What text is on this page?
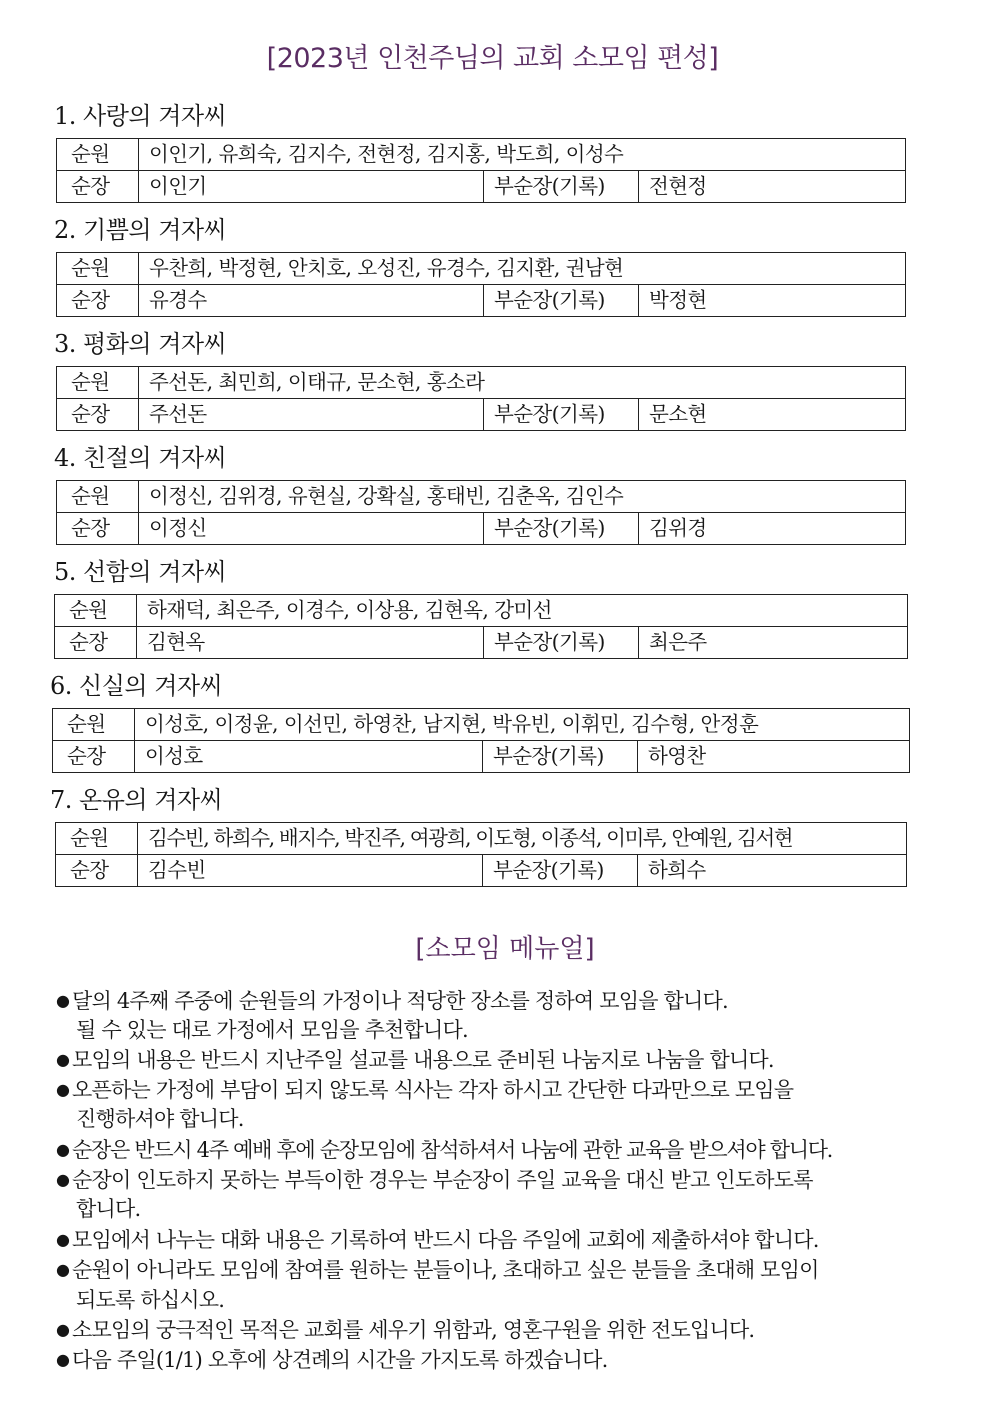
[2023년 인천주님의 교회 소모임 편성]
1. 사랑의 겨자씨
순원	이인기, 유희숙, 김지수, 전현정, 김지홍, 박도희, 이성수		
순장	이인기	부순장(기록)	전현정
2. 기쁨의 겨자씨
순원	우찬희, 박정현, 안치호, 오성진, 유경수, 김지환, 권남현		
순장	유경수	부순장(기록)	박정현
3. 평화의 겨자씨
순원	주선돈, 최민희, 이태규, 문소현, 홍소라		
순장	주선돈	부순장(기록)	문소현
4. 친절의 겨자씨
순원	이정신, 김위경, 유현실, 강확실, 홍태빈, 김춘옥, 김인수		
순장	이정신	부순장(기록)	김위경
5. 선함의 겨자씨
순원	하재덕, 최은주, 이경수, 이상용, 김현옥, 강미선		
순장	김현옥	부순장(기록)	최은주
6. 신실의 겨자씨
순원	이성호, 이정윤, 이선민, 하영찬, 남지현, 박유빈, 이휘민, 김수형, 안정훈		
순장	이성호	부순장(기록)	하영찬
7. 온유의 겨자씨
순원	김수빈, 하희수, 배지수, 박진주, 여광희, 이도형, 이종석, 이미루, 안예원, 김서현		
순장	김수빈	부순장(기록)	하희수
[소모임 메뉴얼]
● 달의 4주째 주중에 순원들의 가정이나 적당한 장소를 정하여 모임을 합니다.
될 수 있는 대로 가정에서 모임을 추천합니다.
● 모임의 내용은 반드시 지난주일 설교를 내용으로 준비된 나눔지로 나눔을 합니다.
● 오픈하는 가정에 부담이 되지 않도록 식사는 각자 하시고 간단한 다과만으로 모임을
진행하셔야 합니다.
● 순장은 반드시 4주 예배 후에 순장모임에 참석하셔서 나눔에 관한 교육을 받으셔야 합니다.
● 순장이 인도하지 못하는 부득이한 경우는 부순장이 주일 교육을 대신 받고 인도하도록
합니다.
● 모임에서 나누는 대화 내용은 기록하여 반드시 다음 주일에 교회에 제출하셔야 합니다.
● 순원이 아니라도 모임에 참여를 원하는 분들이나, 초대하고 싶은 분들을 초대해 모임이
되도록 하십시오.
● 소모임의 궁극적인 목적은 교회를 세우기 위함과, 영혼구원을 위한 전도입니다.
● 다음 주일(1/1) 오후에 상견례의 시간을 가지도록 하겠습니다.
